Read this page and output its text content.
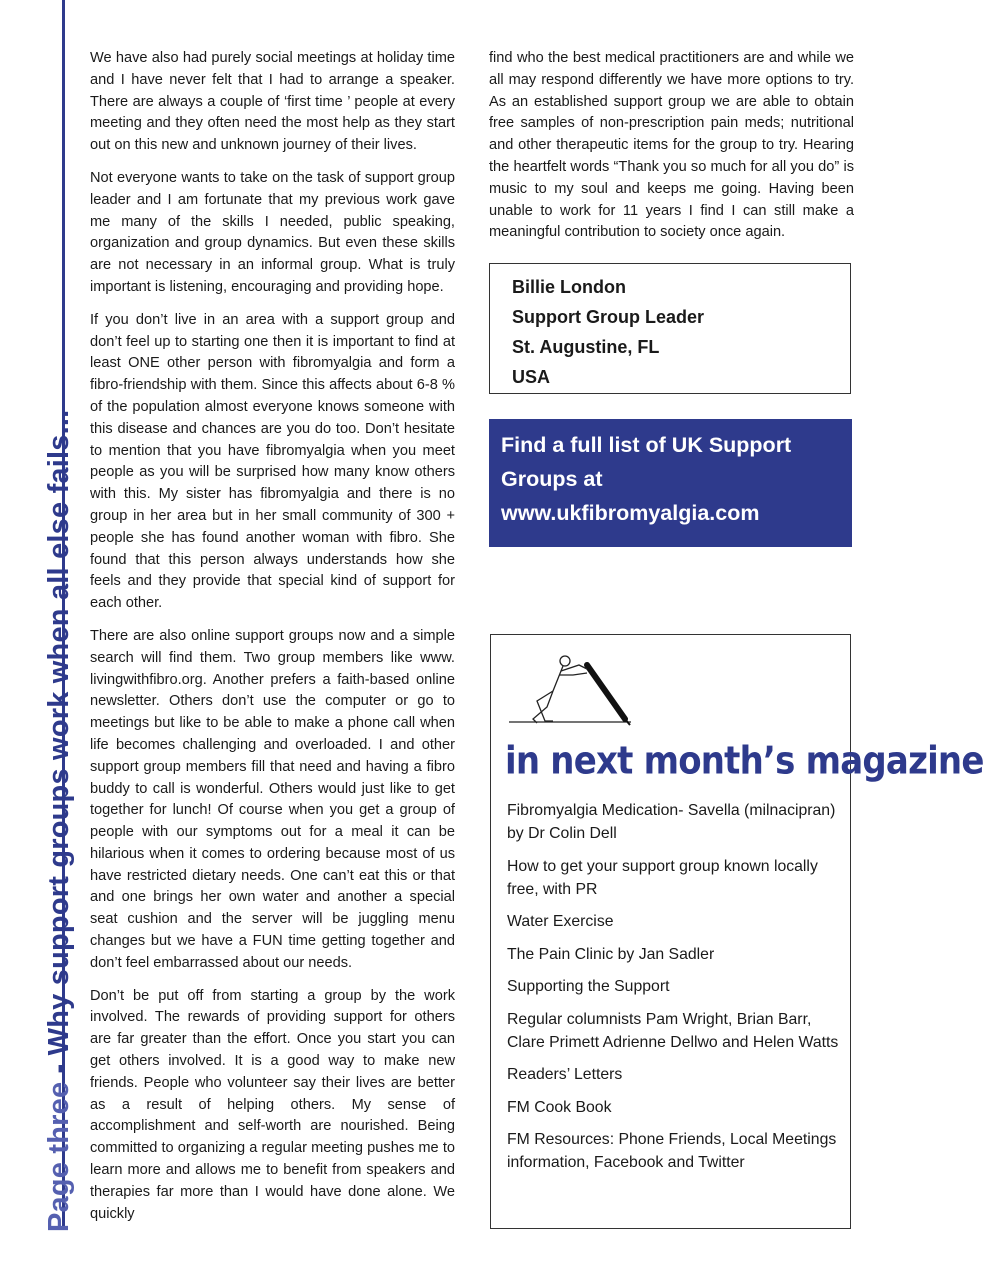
Page three - Why support groups work when all else fails...

We have also had purely social meetings at holiday time and I have never felt that I had to arrange a speaker. There are always a couple of ‘first time ’ people at every meeting and they often need the most help as they start out on this new and unknown journey of their lives.

Not everyone wants to take on the task of support group leader and I am fortunate that my previous work gave me many of the skills I needed, public speaking, organization and group dynamics. But even these skills are not necessary in an informal group. What is truly important is listening, encouraging and providing hope.

If you don’t live in an area with a support group and don’t feel up to starting one then it is important to find at least ONE other person with fibromyalgia and form a fibro-friendship with them. Since this affects about 6-8 % of the population almost everyone knows someone with this disease and chances are you do too. Don’t hesitate to mention that you have fibromyalgia when you meet people as you will be surprised how many know others with this. My sister has fibromyalgia and there is no group in her area but in her small community of 300 + people she has found another woman with fibro. She found that this person always understands how she feels and they provide that special kind of support for each other.

There are also online support groups now and a simple search will find them. Two group members like www. livingwithfibro.org. Another prefers a faith-based online newsletter. Others don’t use the computer or go to meetings but like to be able to make a phone call when life becomes challenging and overloaded. I and other support group members fill that need and having a fibro buddy to call is wonderful. Others would just like to get together for lunch! Of course when you get a group of people with our symptoms out for a meal it can be hilarious when it comes to ordering because most of us have restricted dietary needs. One can’t eat this or that and one brings her own water and another a special seat cushion and the server will be juggling menu changes but we have a FUN time getting together and don’t feel embarrassed about our needs.

Don’t be put off from starting a group by the work involved. The rewards of providing support for others are far greater than the effort. Once you start you can get others involved. It is a good way to make new friends. People who volunteer say their lives are better as a result of helping others. My sense of accomplishment and self-worth are nourished. Being committed to organizing a regular meeting pushes me to learn more and allows me to benefit from speakers and therapies far more than I would have done alone. We quickly

find who the best medical practitioners are and while we all may respond differently we have more options to try. As an established support group we are able to obtain free samples of non-prescription pain meds; nutritional and other therapeutic items for the group to try. Hearing the heartfelt words “Thank you so much for all you do” is music to my soul and keeps me going. Having been unable to work for 11 years I find I can still make a meaningful contribution to society once again.

Billie London
Support Group Leader
St. Augustine, FL
USA
Find a full list of UK Support Groups at
www.ukfibromyalgia.com
in next month’s magazine
Fibromyalgia Medication- Savella (milnacipran) by Dr Colin Dell
How to get your support group known locally free, with PR
Water Exercise
The Pain Clinic by Jan Sadler
Supporting the Support
Regular columnists Pam Wright, Brian Barr, Clare Primett Adrienne Dellwo and Helen Watts
Readers’ Letters
FM Cook Book
FM Resources: Phone Friends, Local Meetings information, Facebook and Twitter
